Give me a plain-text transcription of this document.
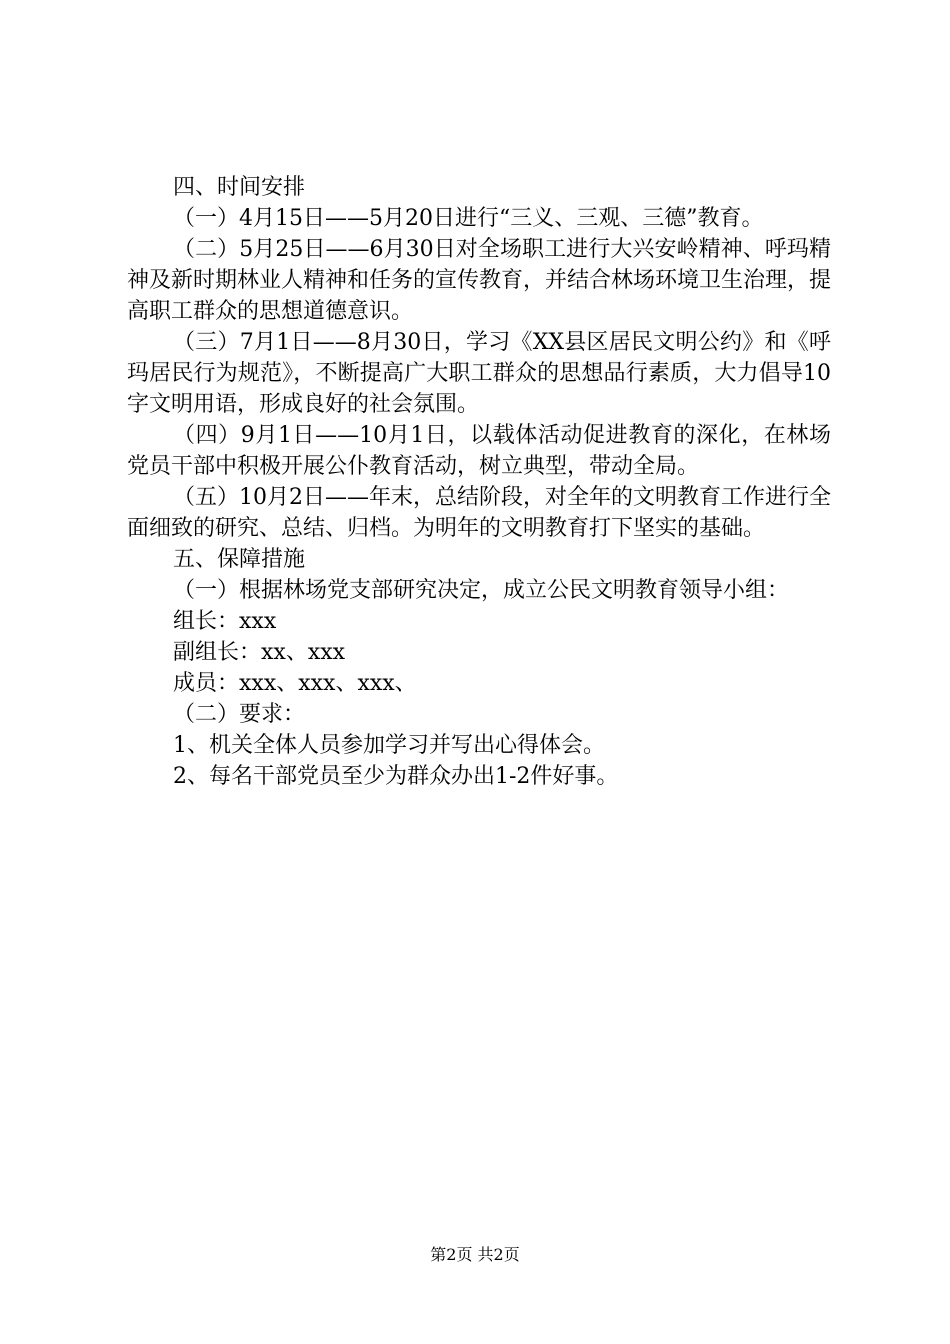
四、时间安排

（一）4月15日——5月20日进行“三义、三观、三德”教育。

（二）5月25日——6月30日对全场职工进行大兴安岭精神、呼玛精神及新时期林业人精神和任务的宣传教育，并结合林场环境卫生治理，提高职工群众的思想道德意识。

（三）7月1日——8月30日，学习《XX县区居民文明公约》和《呼玛居民行为规范》，不断提高广大职工群众的思想品行素质，大力倡导10字文明用语，形成良好的社会氛围。

（四）9月1日——10月1日，以载体活动促进教育的深化，在林场党员干部中积极开展公仆教育活动，树立典型，带动全局。

（五）10月2日——年末，总结阶段，对全年的文明教育工作进行全面细致的研究、总结、归档。为明年的文明教育打下坚实的基础。

五、保障措施

（一）根据林场党支部研究决定，成立公民文明教育领导小组：

组长：xxx

副组长：xx、xxx

成员：xxx、xxx、xxx、

（二）要求：

1、机关全体人员参加学习并写出心得体会。

2、每名干部党员至少为群众办出1-2件好事。

第2页 共2页
